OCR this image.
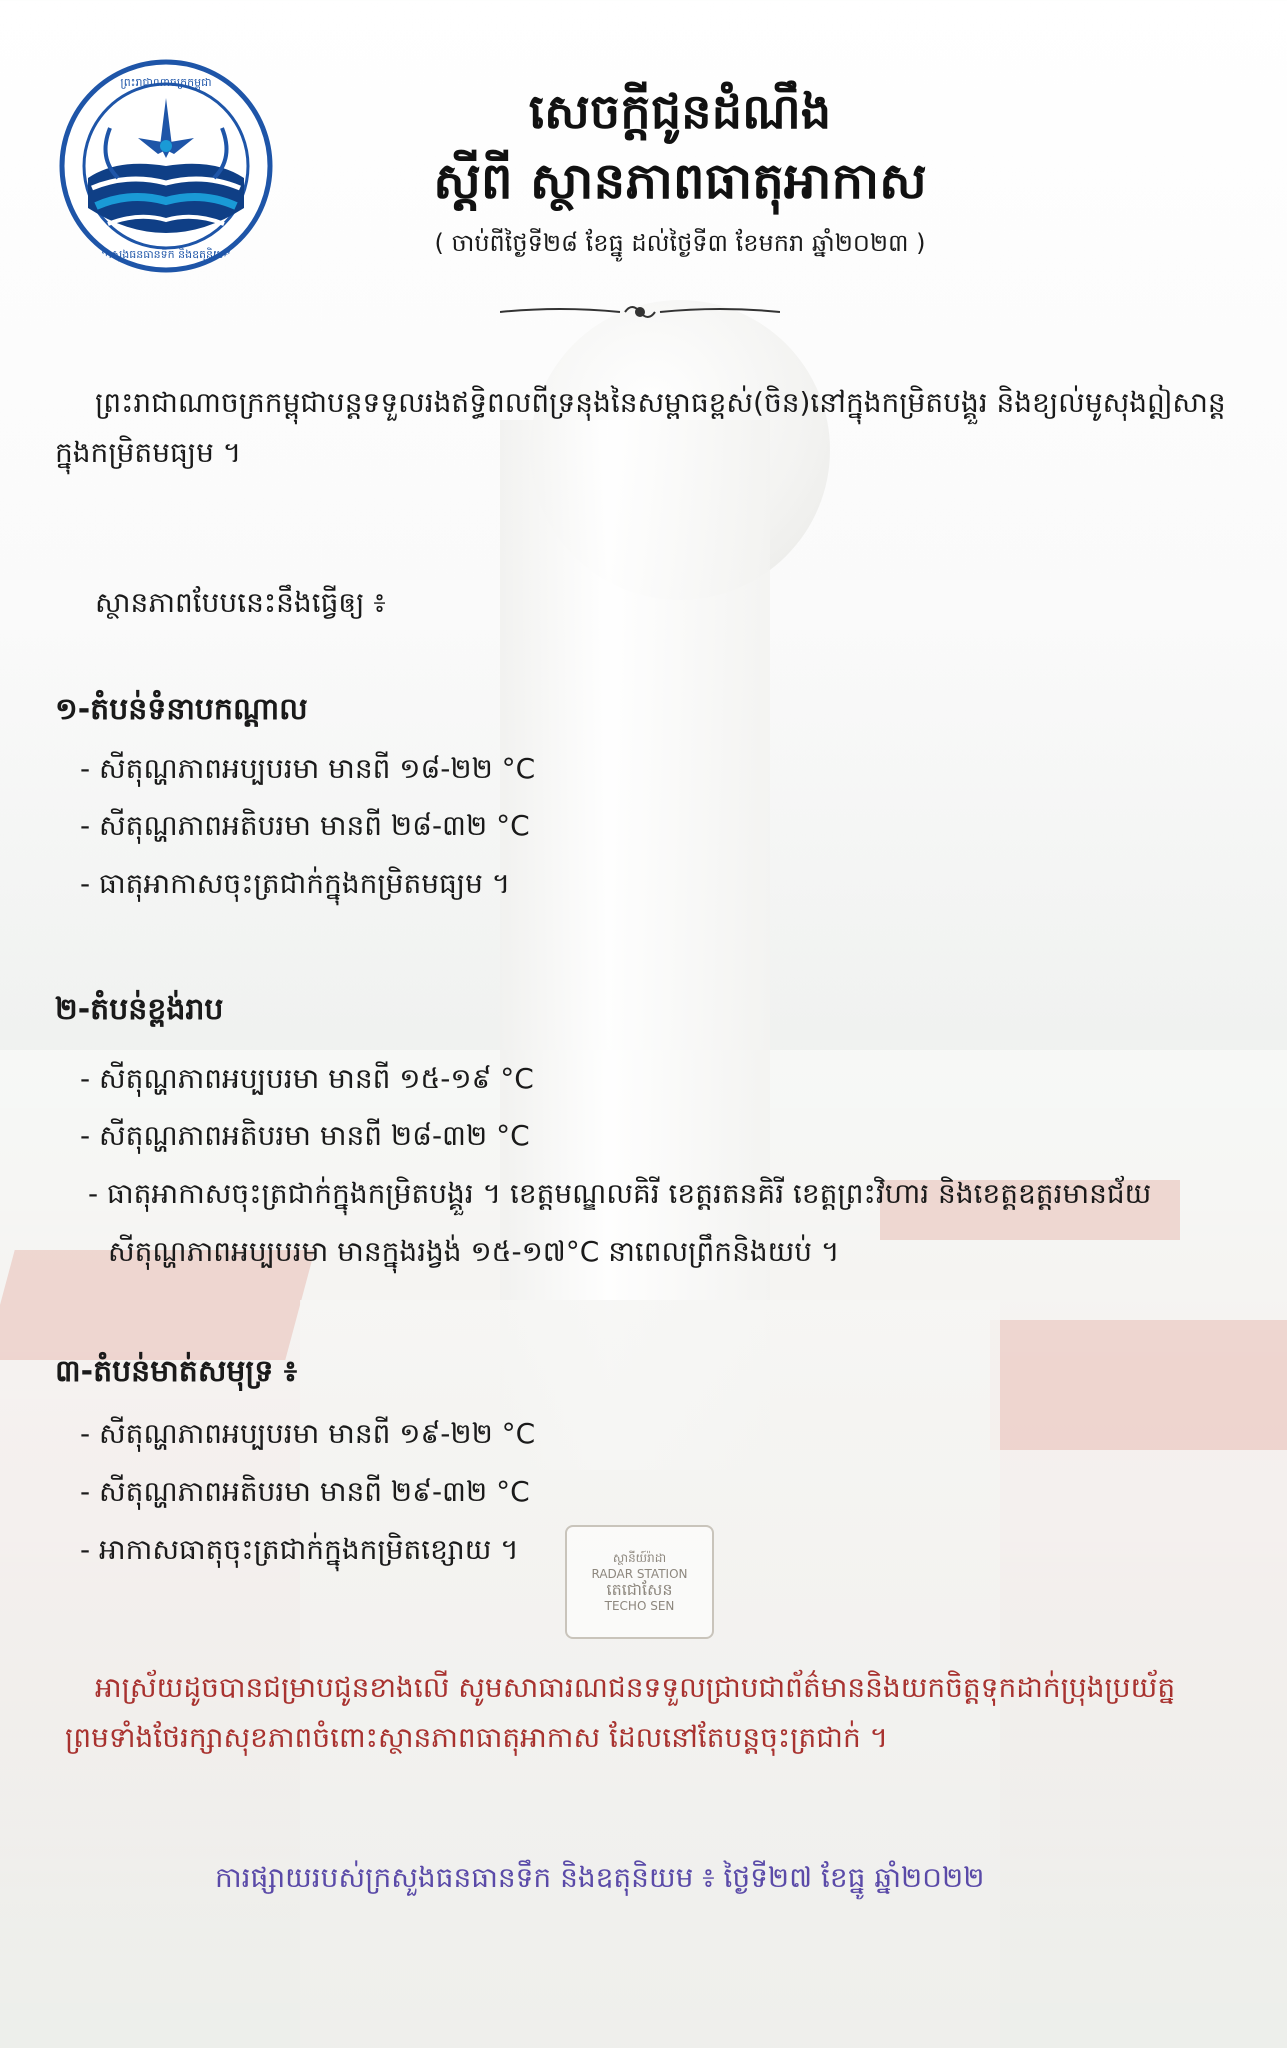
ស្ថានីយ៍រ៉ាដា
RADAR STATION
តេជោសែន
TECHO SEN
ព្រះរាជាណាចក្រកម្ពុជា
ក្រសួងធនធានទឹក និងឧតុនិយម
សេចក្តីជូនដំណឹង
ស្តីពី ស្ថានភាពធាតុអាកាស
( ចាប់ពីថ្ងៃទី២៨ ខែធ្នូ ដល់ថ្ងៃទី៣ ខែមករា ឆ្នាំ២០២៣ )

ព្រះរាជាណាចក្រកម្ពុជាបន្តទទួលរងឥទ្ធិពលពីទ្រនុងនៃសម្ពាធខ្ពស់(ចិន)នៅក្នុងកម្រិតបង្គួរ និងខ្យល់មូសុងឦសាន្តក្នុងកម្រិតមធ្យម ។

ស្ថានភាពបែបនេះនឹងធ្វើឲ្យ ៖

១-តំបន់ទំនាបកណ្តាល

- សីតុណ្ហភាពអប្បបរមា មានពី ១៨-២២ °C

- សីតុណ្ហភាពអតិបរមា មានពី ២៨-៣២ °C

- ធាតុអាកាសចុះត្រជាក់ក្នុងកម្រិតមធ្យម ។

២-តំបន់ខ្ពង់រាប

- សីតុណ្ហភាពអប្បបរមា មានពី ១៥-១៩ °C

- សីតុណ្ហភាពអតិបរមា មានពី ២៨-៣២ °C

- ធាតុអាកាសចុះត្រជាក់ក្នុងកម្រិតបង្គួរ ។ ខេត្តមណ្ឌលគិរី ខេត្តរតនគិរី ខេត្តព្រះវិហារ និងខេត្តឧត្តរមានជ័យ

សីតុណ្ហភាពអប្បបរមា មានក្នុងរង្វង់ ១៥-១៧°C នាពេលព្រឹកនិងយប់ ។

៣-តំបន់មាត់សមុទ្រ ៖

- សីតុណ្ហភាពអប្បបរមា មានពី ១៩-២២ °C

- សីតុណ្ហភាពអតិបរមា មានពី ២៩-៣២ °C

- អាកាសធាតុចុះត្រជាក់ក្នុងកម្រិតខ្សោយ ។

អាស្រ័យដូចបានជម្រាបជូនខាងលើ សូមសាធារណជនទទួលជ្រាបជាព័ត៌មាននិងយកចិត្តទុកដាក់ប្រុងប្រយ័ត្ន

ព្រមទាំងថែរក្សាសុខភាពចំពោះស្ថានភាពធាតុអាកាស ដែលនៅតែបន្តចុះត្រជាក់ ។

ការផ្សាយរបស់ក្រសួងធនធានទឹក និងឧតុនិយម ៖ ថ្ងៃទី២៧ ខែធ្នូ ឆ្នាំ២០២២
